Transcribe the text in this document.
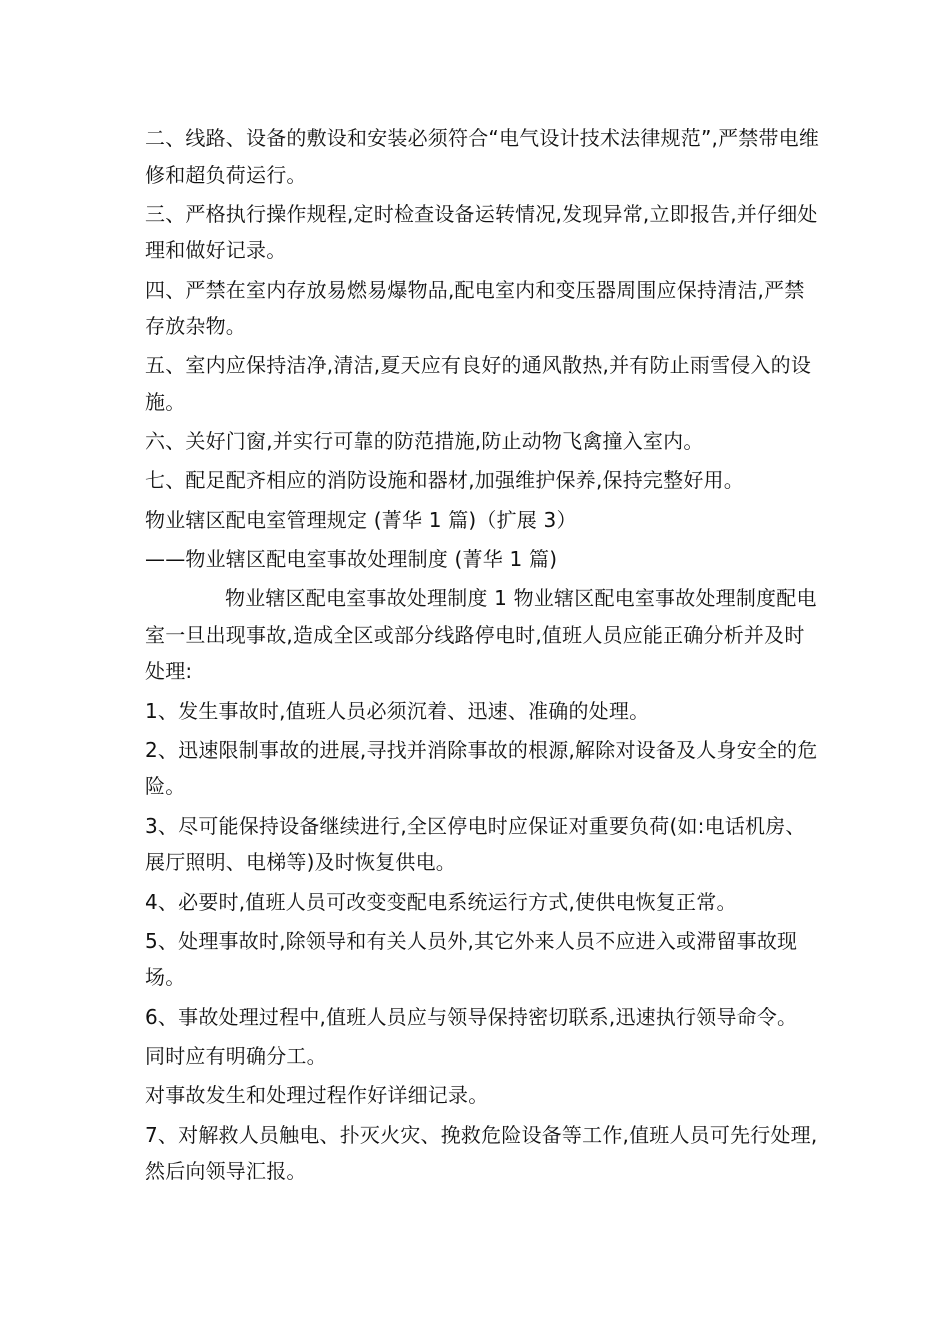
二、线路、设备的敷设和安装必须符合“电气设计技术法律规范”,严禁带电维修和超负荷运行。

三、严格执行操作规程,定时检查设备运转情况,发现异常,立即报告,并仔细处理和做好记录。

四、严禁在室内存放易燃易爆物品,配电室内和变压器周围应保持清洁,严禁存放杂物。

五、室内应保持洁净,清洁,夏天应有良好的通风散热,并有防止雨雪侵入的设施。

六、关好门窗,并实行可靠的防范措施,防止动物飞禽撞入室内。

七、配足配齐相应的消防设施和器材,加强维护保养,保持完整好用。

物业辖区配电室管理规定 (菁华 1 篇)（扩展 3）

——物业辖区配电室事故处理制度 (菁华 1 篇)

物业辖区配电室事故处理制度 1 物业辖区配电室事故处理制度配电室一旦出现事故,造成全区或部分线路停电时,值班人员应能正确分析并及时处理:

1、发生事故时,值班人员必须沉着、迅速、准确的处理。

2、迅速限制事故的进展,寻找并消除事故的根源,解除对设备及人身安全的危险。

3、尽可能保持设备继续进行,全区停电时应保证对重要负荷(如:电话机房、展厅照明、电梯等)及时恢复供电。

4、必要时,值班人员可改变变配电系统运行方式,使供电恢复正常。

5、处理事故时,除领导和有关人员外,其它外来人员不应进入或滞留事故现场。

6、事故处理过程中,值班人员应与领导保持密切联系,迅速执行领导命令。

同时应有明确分工。

对事故发生和处理过程作好详细记录。

7、对解救人员触电、扑灭火灾、挽救危险设备等工作,值班人员可先行处理,然后向领导汇报。
